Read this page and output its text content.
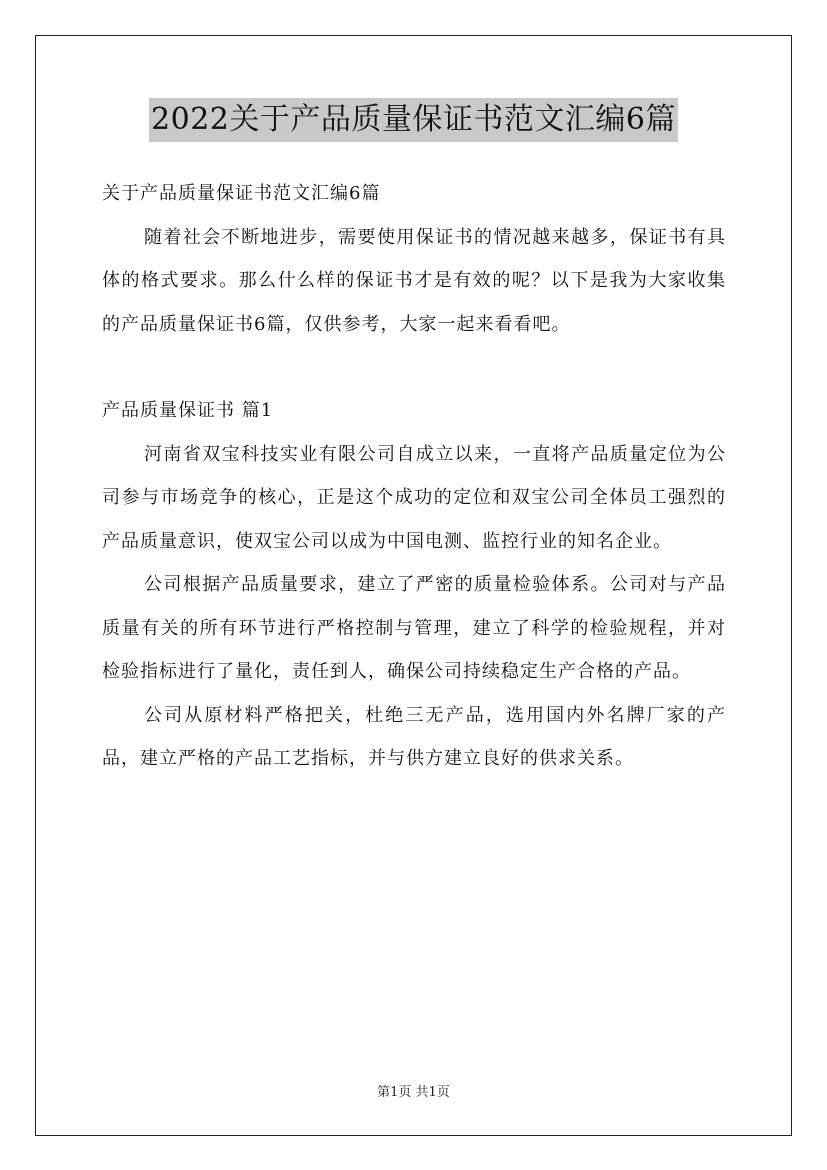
2022关于产品质量保证书范文汇编6篇

关于产品质量保证书范文汇编6篇

随着社会不断地进步，需要使用保证书的情况越来越多，保证书有具体的格式要求。那么什么样的保证书才是有效的呢？以下是我为大家收集的产品质量保证书6篇，仅供参考，大家一起来看看吧。

产品质量保证书 篇1

河南省双宝科技实业有限公司自成立以来，一直将产品质量定位为公司参与市场竞争的核心，正是这个成功的定位和双宝公司全体员工强烈的产品质量意识，使双宝公司以成为中国电测、监控行业的知名企业。

公司根据产品质量要求，建立了严密的质量检验体系。公司对与产品质量有关的所有环节进行严格控制与管理，建立了科学的检验规程，并对检验指标进行了量化，责任到人，确保公司持续稳定生产合格的产品。

公司从原材料严格把关，杜绝三无产品，选用国内外名牌厂家的产品，建立严格的产品工艺指标，并与供方建立良好的供求关系。

第1页 共1页
